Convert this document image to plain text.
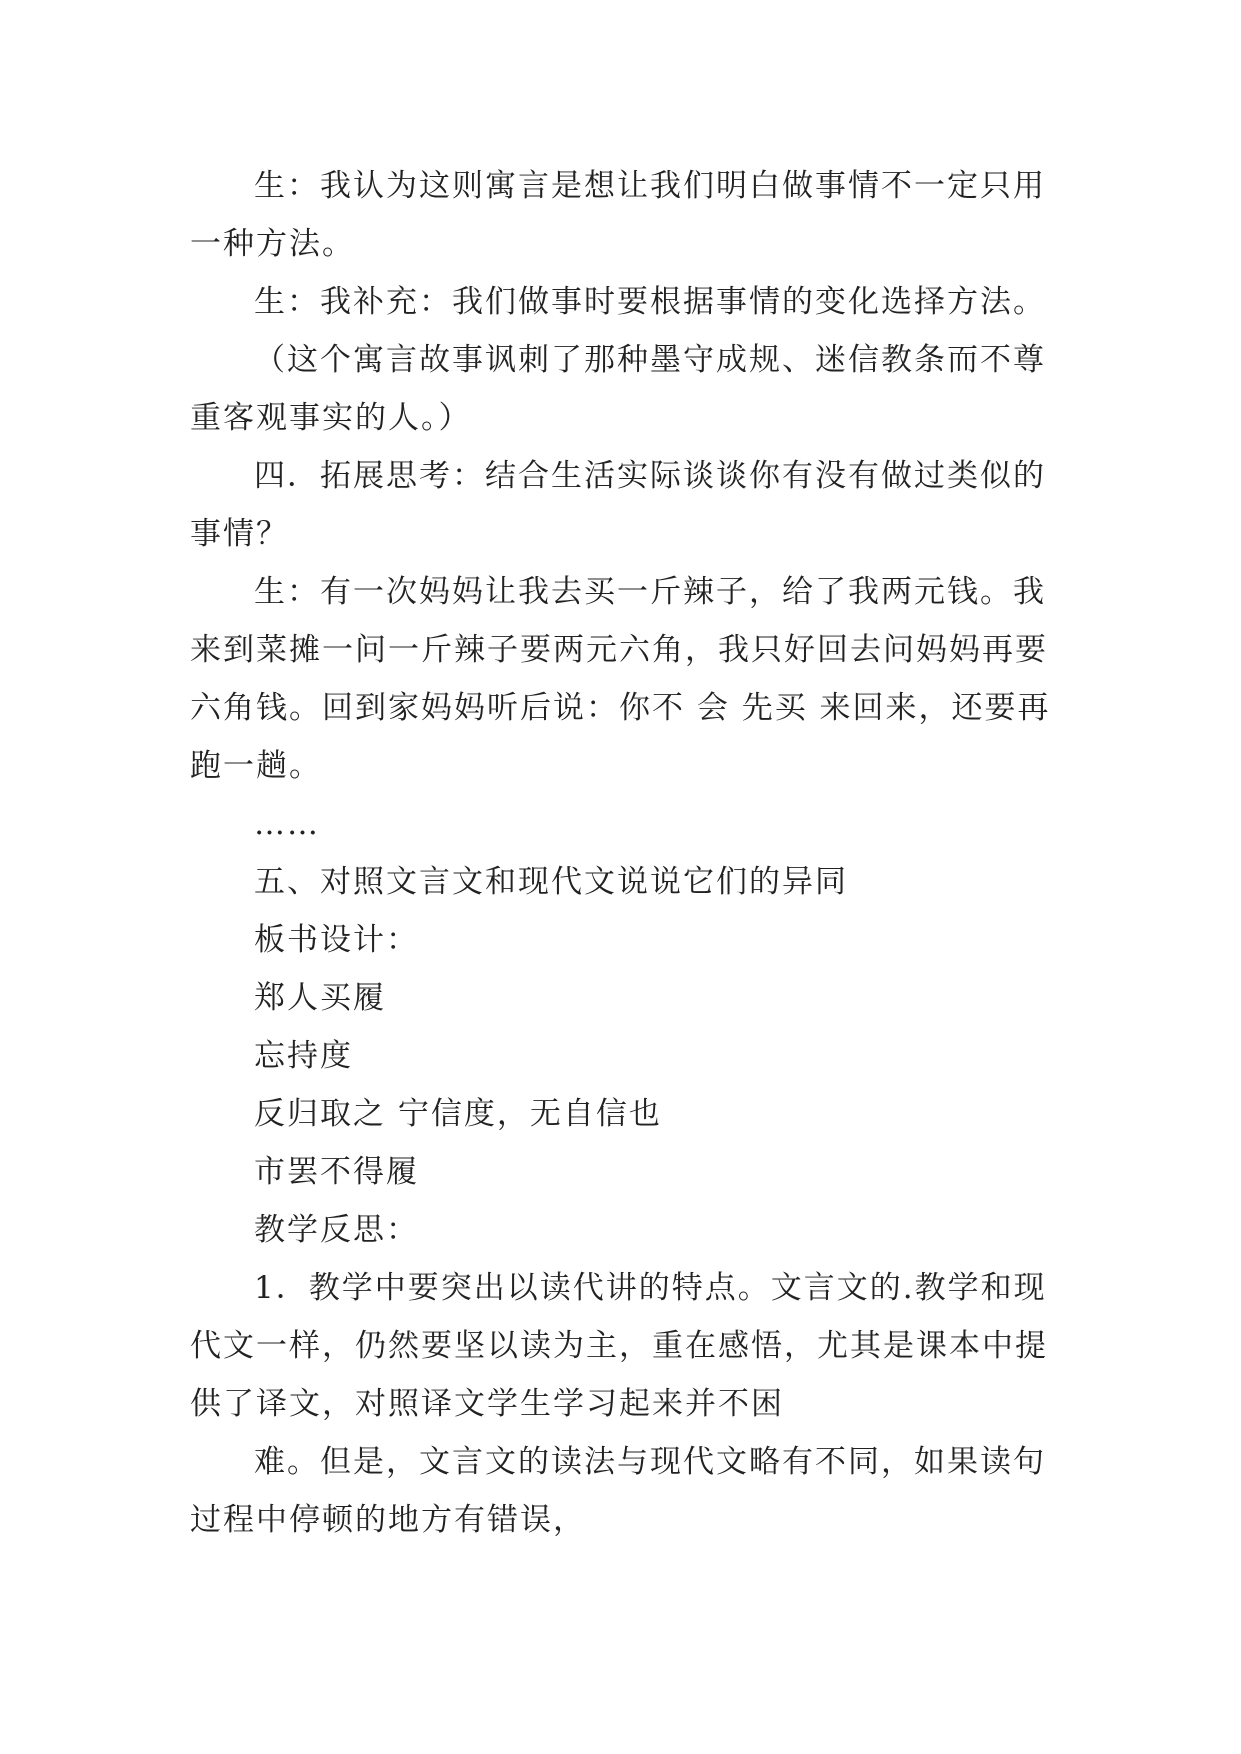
生：我认为这则寓言是想让我们明白做事情不一定只用一种方法。

生：我补充：我们做事时要根据事情的变化选择方法。

（这个寓言故事讽刺了那种墨守成规、迷信教条而不尊重客观事实的人。）

四．拓展思考：结合生活实际谈谈你有没有做过类似的事情？

生：有一次妈妈让我去买一斤辣子，给了我两元钱。我来到菜摊一问一斤辣子要两元六角，我只好回去问妈妈再要六角钱。回到家妈妈听后说：你不 会 先买 来回来，还要再跑一趟。

……

五、对照文言文和现代文说说它们的异同

板书设计：

郑人买履

忘持度

反归取之 宁信度，无自信也

市罢不得履

教学反思：

1．教学中要突出以读代讲的特点。文言文的.教学和现代文一样，仍然要坚以读为主，重在感悟，尤其是课本中提供了译文，对照译文学生学习起来并不困

难。但是，文言文的读法与现代文略有不同，如果读句过程中停顿的地方有错误，
